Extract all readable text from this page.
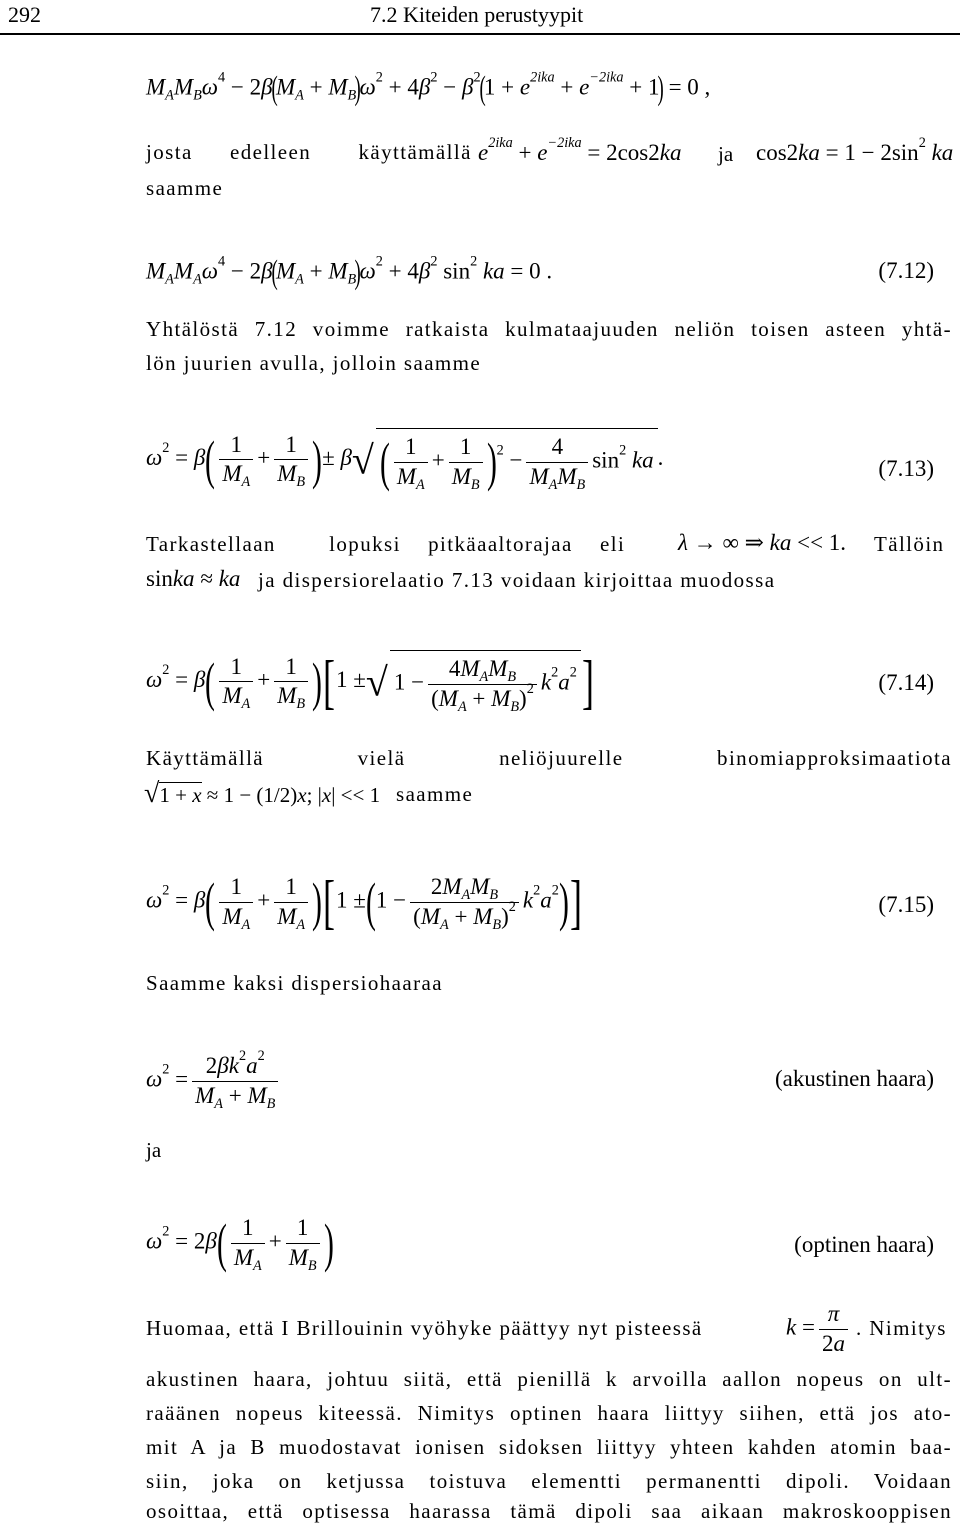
292	7.2 Kiteiden perustyypit
$M_AM_B\omega^4 - 2\beta(M_A + M_B)\omega^2 + 4\beta^2 - \beta^2(1 + e^{2ika} + e^{-2ika} + 1) = 0$ ,
josta edelleen käyttämällä $e^{2ika} + e^{-2ika} = 2\cos 2ka$ ja $\cos 2ka = 1 - 2\sin^2$ ka
saamme
$M_AM_A\omega^4 - 2\beta(M_A + M_B)\omega^2 + 4\beta^2$ $\sin^2$ ka = 0 .	(7.12)

Yhtälöstä 7.12 voimme ratkaista kulmataajuuden neliön toisen asteen yhtä-

lön juurien avulla, jolloin saamme

$\omega^2 = \beta( \frac{1}{M_A} + \frac{1}{M_B}$ )± β√ ( $\frac{1}{M_A} + \frac{1}{M_B} )^2 - \frac{4}{M_AM_B} \sin^2$ ka .	(7.13)
Tarkastellaan	lopuksi pitkäaaltorajaa eli	λ → ∞ ⇒ ka << 1. Tällöin
sinka ≈ ka ja dispersiorelaatio 7.13 voidaan kirjoittaa muodossa
$\omega^2 = \beta( \frac{1}{M_A} + \frac{1}{M_B} )[1$ ±√ $1 - \frac{4M_AM_B}{(M_A + M_B)^2} k^2a^2$]	(7.14)
Käyttämällä	vielä	neliöjuurelle	binomiapproksimaatiota
√1 + x ≈ 1 − (1/2)x; |x| << 1 saamme
$\omega^2 = \beta( \frac{1}{M_A} + \frac{1}{M_A} )[1 \pm(1 - \frac{2M_AM_B}{(M_A + M_B)^2} k^2a^2)]$	(7.15)

Saamme kaksi dispersiohaaraa

$\omega^2 = \frac{2\beta k^2a^2}{M_A + M_B}$	(akustinen haara)
ja
$\omega^2 = 2\beta( \frac{1}{M_A} + \frac{1}{M_B}$ )	(optinen haara)
Huomaa, että I Brillouinin vyöhyke päättyy nyt pisteessä	$k = \frac{\pi}{2a}$ . Nimitys

akustinen haara, johtuu siitä, että pienillä k arvoilla aallon nopeus on ult-

raäänen nopeus kiteessä. Nimitys optinen haara liittyy siihen, että jos ato-

mit A ja B muodostavat ionisen sidoksen liittyy yhteen kahden atomin baa-

siin, joka on ketjussa toistuva elementti permanentti dipoli. Voidaan

osoittaa, että optisessa haarassa tämä dipoli saa aikaan makroskooppisen
